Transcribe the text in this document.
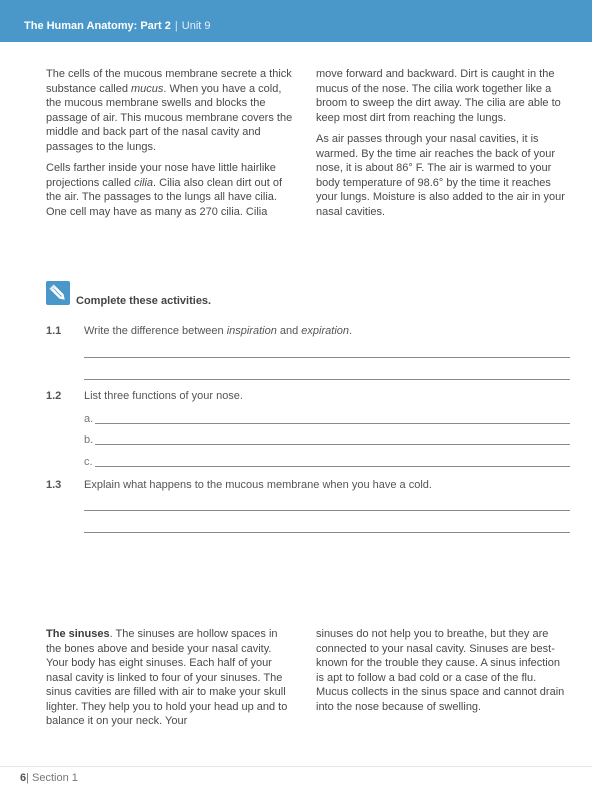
The Human Anatomy: Part 2 | Unit 9

The cells of the mucous membrane secrete a thick substance called mucus. When you have a cold, the mucous membrane swells and blocks the passage of air. This mucous membrane covers the middle and back part of the nasal cavity and passages to the lungs.

Cells farther inside your nose have little hairlike projections called cilia. Cilia also clean dirt out of the air. The passages to the lungs all have cilia. One cell may have as many as 270 cilia. Cilia

move forward and backward. Dirt is caught in the mucus of the nose. The cilia work together like a broom to sweep the dirt away. The cilia are able to keep most dirt from reaching the lungs.

As air passes through your nasal cavities, it is warmed. By the time air reaches the back of your nose, it is about 86° F. The air is warmed to your body temperature of 98.6° by the time it reaches your lungs. Moisture is also added to the air in your nasal cavities.

Complete these activities.
1.1 Write the difference between inspiration and expiration.
1.2 List three functions of your nose.
a.
b.
c.
1.3 Explain what happens to the mucous membrane when you have a cold.

The sinuses. The sinuses are hollow spaces in the bones above and beside your nasal cavity. Your body has eight sinuses. Each half of your nasal cavity is linked to four of your sinuses. The sinus cavities are filled with air to make your skull lighter. They help you to hold your head up and to balance it on your neck. Your

sinuses do not help you to breathe, but they are connected to your nasal cavity. Sinuses are best-known for the trouble they cause. A sinus infection is apt to follow a bad cold or a case of the flu. Mucus collects in the sinus space and cannot drain into the nose because of swelling.

6| Section 1
